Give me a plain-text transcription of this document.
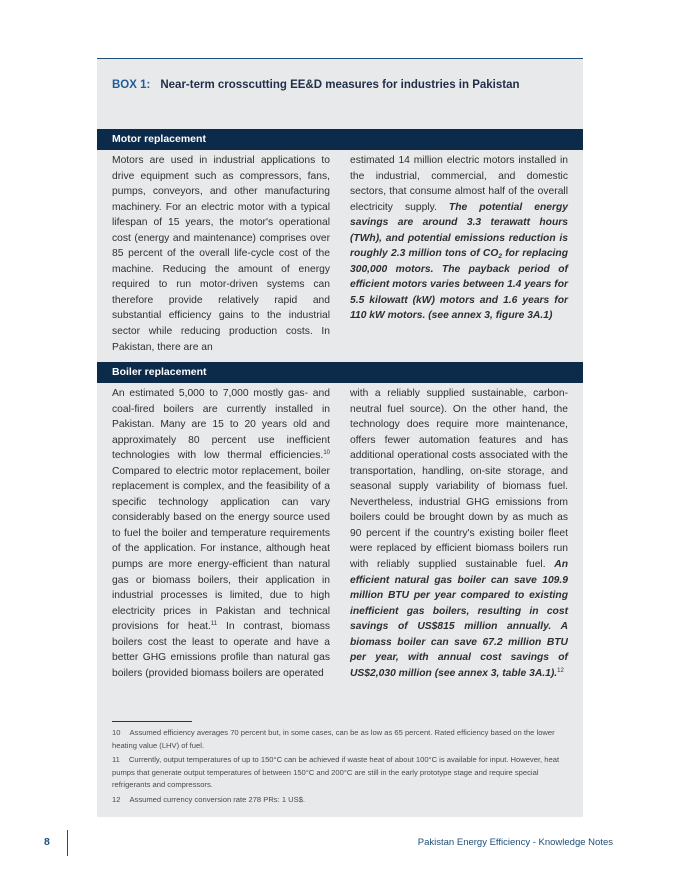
BOX 1: Near-term crosscutting EE&D measures for industries in Pakistan
Motor replacement

Motors are used in industrial applications to drive equipment such as compressors, fans, pumps, conveyors, and other manufacturing machinery. For an electric motor with a typical lifespan of 15 years, the motor's operational cost (energy and maintenance) comprises over 85 percent of the overall life-cycle cost of the machine. Reducing the amount of energy required to run motor-driven systems can therefore provide relatively rapid and substantial efficiency gains to the industrial sector while reducing production costs. In Pakistan, there are an

estimated 14 million electric motors installed in the industrial, commercial, and domestic sectors, that consume almost half of the overall electricity supply. The potential energy savings are around 3.3 terawatt hours (TWh), and potential emissions reduction is roughly 2.3 million tons of $CO_2$ for replacing 300,000 motors. The payback period of efficient motors varies between 1.4 years for 5.5 kilowatt (kW) motors and 1.6 years for 110 kW motors. (see annex 3, figure 3A.1)

Boiler replacement

An estimated 5,000 to 7,000 mostly gas- and coal-fired boilers are currently installed in Pakistan. Many are 15 to 20 years old and approximately 80 percent use inefficient technologies with low thermal efficiencies.$^{10}$ Compared to electric motor replacement, boiler replacement is complex, and the feasibility of a specific technology application can vary considerably based on the energy source used to fuel the boiler and temperature requirements of the application. For instance, although heat pumps are more energy-efficient than natural gas or biomass boilers, their application in industrial processes is limited, due to high electricity prices in Pakistan and technical provisions for heat.$^{11}$ In contrast, biomass boilers cost the least to operate and have a better GHG emissions profile than natural gas boilers (provided biomass boilers are operated

with a reliably supplied sustainable, carbon-neutral fuel source). On the other hand, the technology does require more maintenance, offers fewer automation features and has additional operational costs associated with the transportation, handling, on-site storage, and seasonal supply variability of biomass fuel. Nevertheless, industrial GHG emissions from boilers could be brought down by as much as 90 percent if the country's existing boiler fleet were replaced by efficient biomass boilers run with reliably supplied sustainable fuel. An efficient natural gas boiler can save 109.9 million BTU per year compared to existing inefficient gas boilers, resulting in cost savings of US$815 million annually. A biomass boiler can save 67.2 million BTU per year, with annual cost savings of US$2,030 million (see annex 3, table 3A.1).$^{12}$

10 Assumed efficiency averages 70 percent but, in some cases, can be as low as 65 percent. Rated efficiency based on the lower heating value (LHV) of fuel.
11 Currently, output temperatures of up to 150°C can be achieved if waste heat of about 100°C is available for input. However, heat pumps that generate output temperatures of between 150°C and 200°C are still in the early prototype stage and require special refrigerants and compressors.
12 Assumed currency conversion rate 278 PRs: 1 US$.
8	Pakistan Energy Efficiency - Knowledge Notes
